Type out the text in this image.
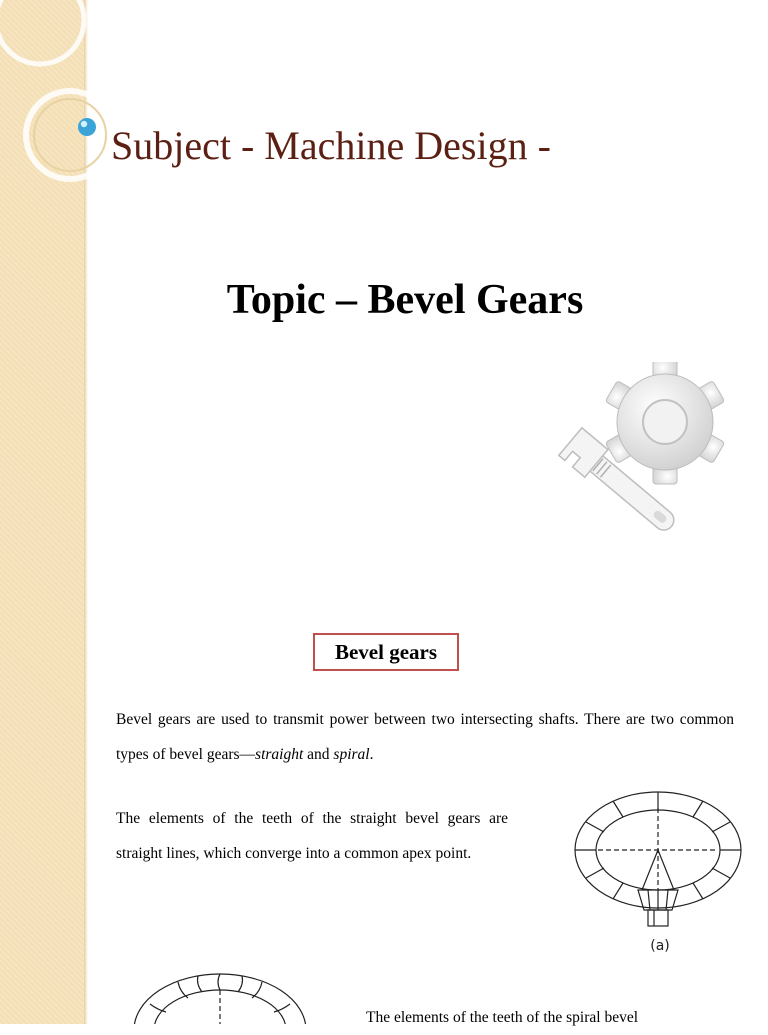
Subject - Machine Design -
Topic – Bevel Gears
Bevel gears

Bevel gears are used to transmit power between two intersecting shafts. There are two common types of bevel gears—straight and spiral.

The elements of the teeth of the straight bevel gears are straight lines, which converge into a common apex point.

(a)

The elements of the teeth of the spiral bevel
